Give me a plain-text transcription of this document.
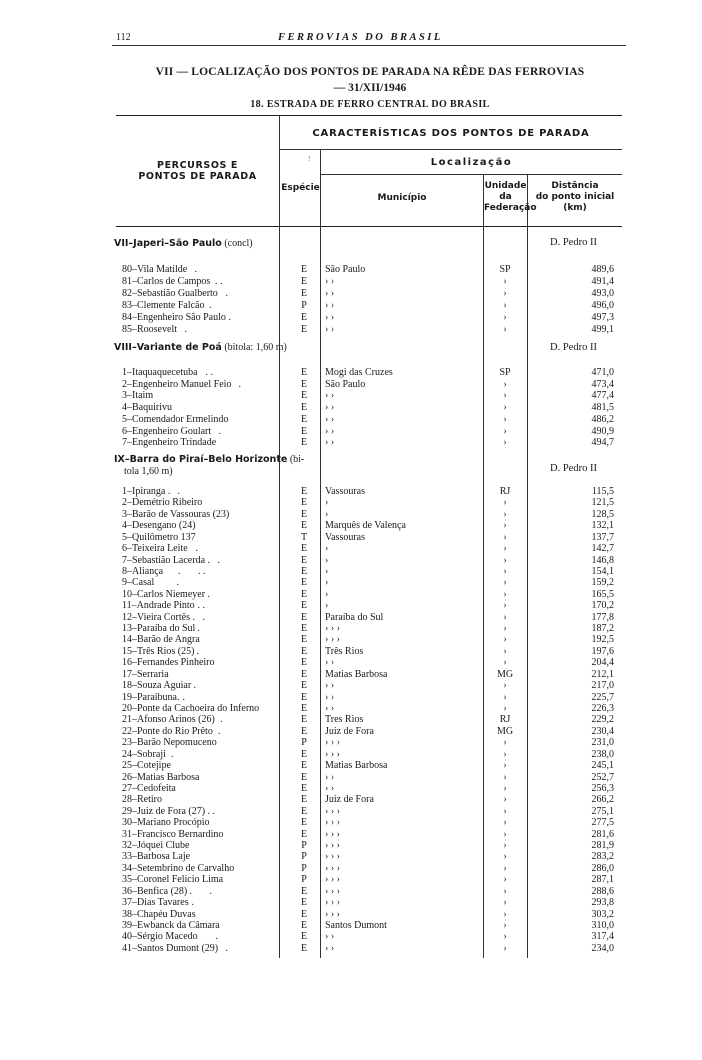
112	FERROVIAS DO BRASIL
VII — LOCALIZAÇÃO DOS PONTOS DE PARADA NA RÊDE DAS FERROVIAS
— 31/XII/1946
18. ESTRADA DE FERRO CENTRAL DO BRASIL
CARACTERÍSTICAS DOS PONTOS DE PARADA
PERCURSOS E
PONTOS DE PARADA
!	Localização
Espécie
Município
Unidade
da
Federação
Distância
do ponto inicial
(km)
VII–Japeri–São Paulo (concl)	D. Pedro II
80–Vila Matilde .	E	São Paulo	SP	489,6
81–Carlos de Campos . .	E	› ›	›	491,4
82–Sebastião Gualberto .	E	› ›	›	493,0
83–Clemente Falcão .	P	› ›	›	496,0
84–Engenheiro São Paulo .	E	› ›	›	497,3
85–Roosevelt .	E	› ›	›	499,1
VIII–Variante de Poá (bitola: 1,60 m)	D. Pedro II
1–Itaquaquecetuba . .	E	Mogi das Cruzes	SP	471,0
2–Engenheiro Manuel Feio .	E	São Paulo	›	473,4
3–Itaim	E	› ›	›	477,4
4–Baquirivu	E	› ›	›	481,5
5–Comendador Ermelindo	E	› ›	›	486,2
6–Engenheiro Goulart .	E	› ›	›	490,9
7–Engenheiro Trindade	E	› ›	›	494,7
IX–Barra do Piraí–Belo Horizonte (bi-
tola 1,60 m)	D. Pedro II
1–Ipiranga . .	E	Vassouras	RJ	115,5
2–Demétrio Ribeiro	E	›	›	121,5
3–Barão de Vassouras (23)	E	›	›	128,5
4–Desengano (24)	E	Marquês de Valença	›	132,1
5–Quilômetro 137	T	Vassouras	›	137,7
6–Teixeira Leite .	E	›	›	142,7
7–Sebastião Lacerda .   .	E	›	›	146,8
8–Aliança .       . .	E	›	›	154,1
9–Casal .	E	›	›	159,2
10–Carlos Niemeyer .	E	›	›	165,5
11–Andrade Pinto . .	E	›	›	170,2
12–Vieira Cortês .   .	E	Paraíba do Sul	›	177,8
13–Paraíba do Sul .	E	› › ›	›	187,2
14–Barão de Angra	E	› › ›	›	192,5
15–Três Rios (25) .	E	Três Rios	›	197,6
16–Fernandes Pinheiro	E	› ›	›	204,4
17–Serraria	E	Matias Barbosa	MG	212,1
18–Souza Aguiar .	E	› ›	›	217,0
19–Paraibuna. .	E	› ›	›	225,7
20–Ponte da Cachoeira do Inferno	E	› ›	›	226,3
21–Afonso Arinos (26) .	E	Tres Rios	RJ	229,2
22–Ponte do Rio Prêto .	E	Juiz de Fora	MG	230,4
23–Barão Nepomuceno	P	› › ›	›	231,0
24–Sobraji .	E	› › ›	›	238,0
25–Cotejipe	E	Matias Barbosa	›	245,1
26–Matias Barbosa	E	› ›	›	252,7
27–Cedofeita	E	› ›	›	256,3
28–Retiro	E	Juiz de Fora	›	266,2
29–Juiz de Fora (27) . .	E	› › ›	›	275,1
30–Mariano Procópio	E	› › ›	›	277,5
31–Francisco Bernardino	E	› › ›	›	281,6
32–Jóquei Clube	P	› › ›	›	281,9
33–Barbosa Laje	P	› › ›	›	283,2
34–Setembrino de Carvalho	P	› › ›	›	286,0
35–Coronel Felício Lima	P	› › ›	›	287,1
36–Benfica (28) .       .	E	› › ›	›	288,6
37–Dias Tavares .	E	› › ›	›	293,8
38–Chapéu Duvas	E	› › ›	›	303,2
39–Ewbanck da Câmara	E	Santos Dumont	›	310,0
40–Sérgio Macedo .	E	› ›	›	317,4
41–Santos Dumont (29) .	E	› ›	›	234,0
